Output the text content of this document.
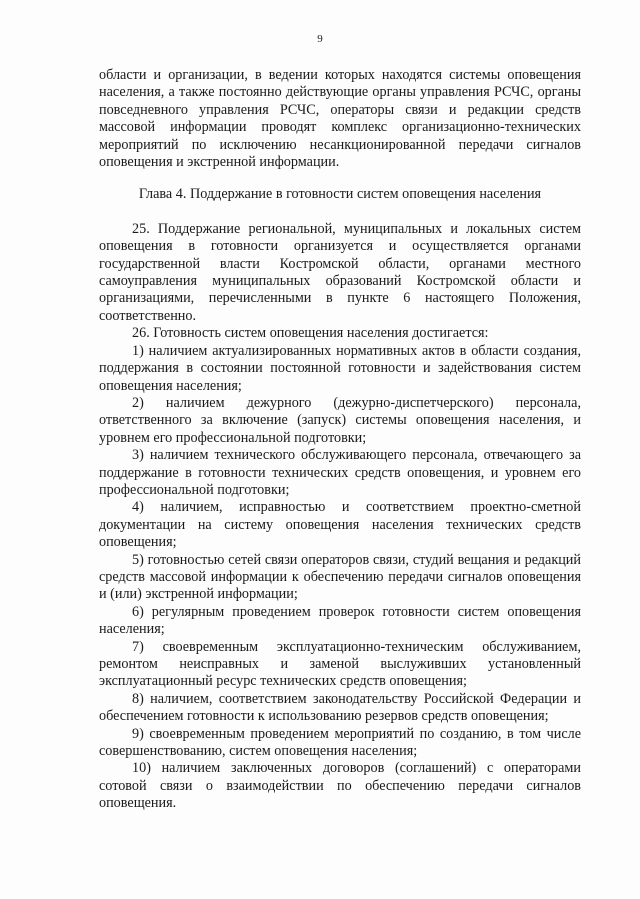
9

области и организации, в ведении которых находятся системы оповещения населения, а также постоянно действующие органы управления РСЧС, органы повседневного управления РСЧС, операторы связи и редакции средств массовой информации проводят комплекс организационно-технических мероприятий по исключению несанкционированной передачи сигналов оповещения и экстренной информации.

Глава 4. Поддержание в готовности систем оповещения населения

25. Поддержание региональной, муниципальных и локальных систем оповещения в готовности организуется и осуществляется органами государственной власти Костромской области, органами местного самоуправления муниципальных образований Костромской области и организациями, перечисленными в пункте 6 настоящего Положения, соответственно.

26. Готовность систем оповещения населения достигается:

1) наличием актуализированных нормативных актов в области создания, поддержания в состоянии постоянной готовности и задействования систем оповещения населения;

2) наличием дежурного (дежурно-диспетчерского) персонала, ответственного за включение (запуск) системы оповещения населения, и уровнем его профессиональной подготовки;

3) наличием технического обслуживающего персонала, отвечающего за поддержание в готовности технических средств оповещения, и уровнем его профессиональной подготовки;

4) наличием, исправностью и соответствием проектно-сметной документации на систему оповещения населения технических средств оповещения;

5) готовностью сетей связи операторов связи, студий вещания и редакций средств массовой информации к обеспечению передачи сигналов оповещения и (или) экстренной информации;

6) регулярным проведением проверок готовности систем оповещения населения;

7) своевременным эксплуатационно-техническим обслуживанием, ремонтом неисправных и заменой выслуживших установленный эксплуатационный ресурс технических средств оповещения;

8) наличием, соответствием законодательству Российской Федерации и обеспечением готовности к использованию резервов средств оповещения;

9) своевременным проведением мероприятий по созданию, в том числе совершенствованию, систем оповещения населения;

10) наличием заключенных договоров (соглашений) с операторами сотовой связи о взаимодействии по обеспечению передачи сигналов оповещения.
